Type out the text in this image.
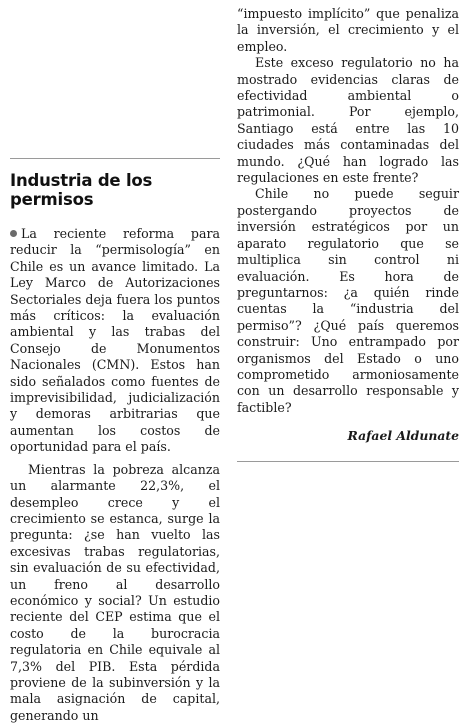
Industria de los permisos

La reciente reforma para reducir la “permisología” en Chile es un avance limitado. La Ley Marco de Autorizaciones Sectoriales deja fuera los puntos más críticos: la evaluación ambiental y las trabas del Consejo de Monumentos Nacionales (CMN). Estos han sido señalados como fuentes de imprevisibilidad, judicialización y demoras arbitrarias que aumentan los costos de oportunidad para el país.

Mientras la pobreza alcanza un alarmante 22,3%, el desempleo crece y el crecimiento se estanca, surge la pregunta: ¿se han vuelto las excesivas trabas regulatorias, sin evaluación de su efectividad, un freno al desarrollo económico y social? Un estudio reciente del CEP estima que el costo de la burocracia regulatoria en Chile equivale al 7,3% del PIB. Esta pérdida proviene de la subinversión y la mala asignación de capital, generando un

“impuesto implícito” que penaliza la inversión, el crecimiento y el empleo.

Este exceso regulatorio no ha mostrado evidencias claras de efectividad ambiental o patrimonial. Por ejemplo, Santiago está entre las 10 ciudades más contaminadas del mundo. ¿Qué han logrado las regulaciones en este frente?

Chile no puede seguir postergando proyectos de inversión estratégicos por un aparato regulatorio que se multiplica sin control ni evaluación. Es hora de preguntarnos: ¿a quién rinde cuentas la “industria del permiso”? ¿Qué país queremos construir: Uno entrampado por organismos del Estado o uno comprometido armoniosamente con un desarrollo responsable y factible?

Rafael Aldunate
